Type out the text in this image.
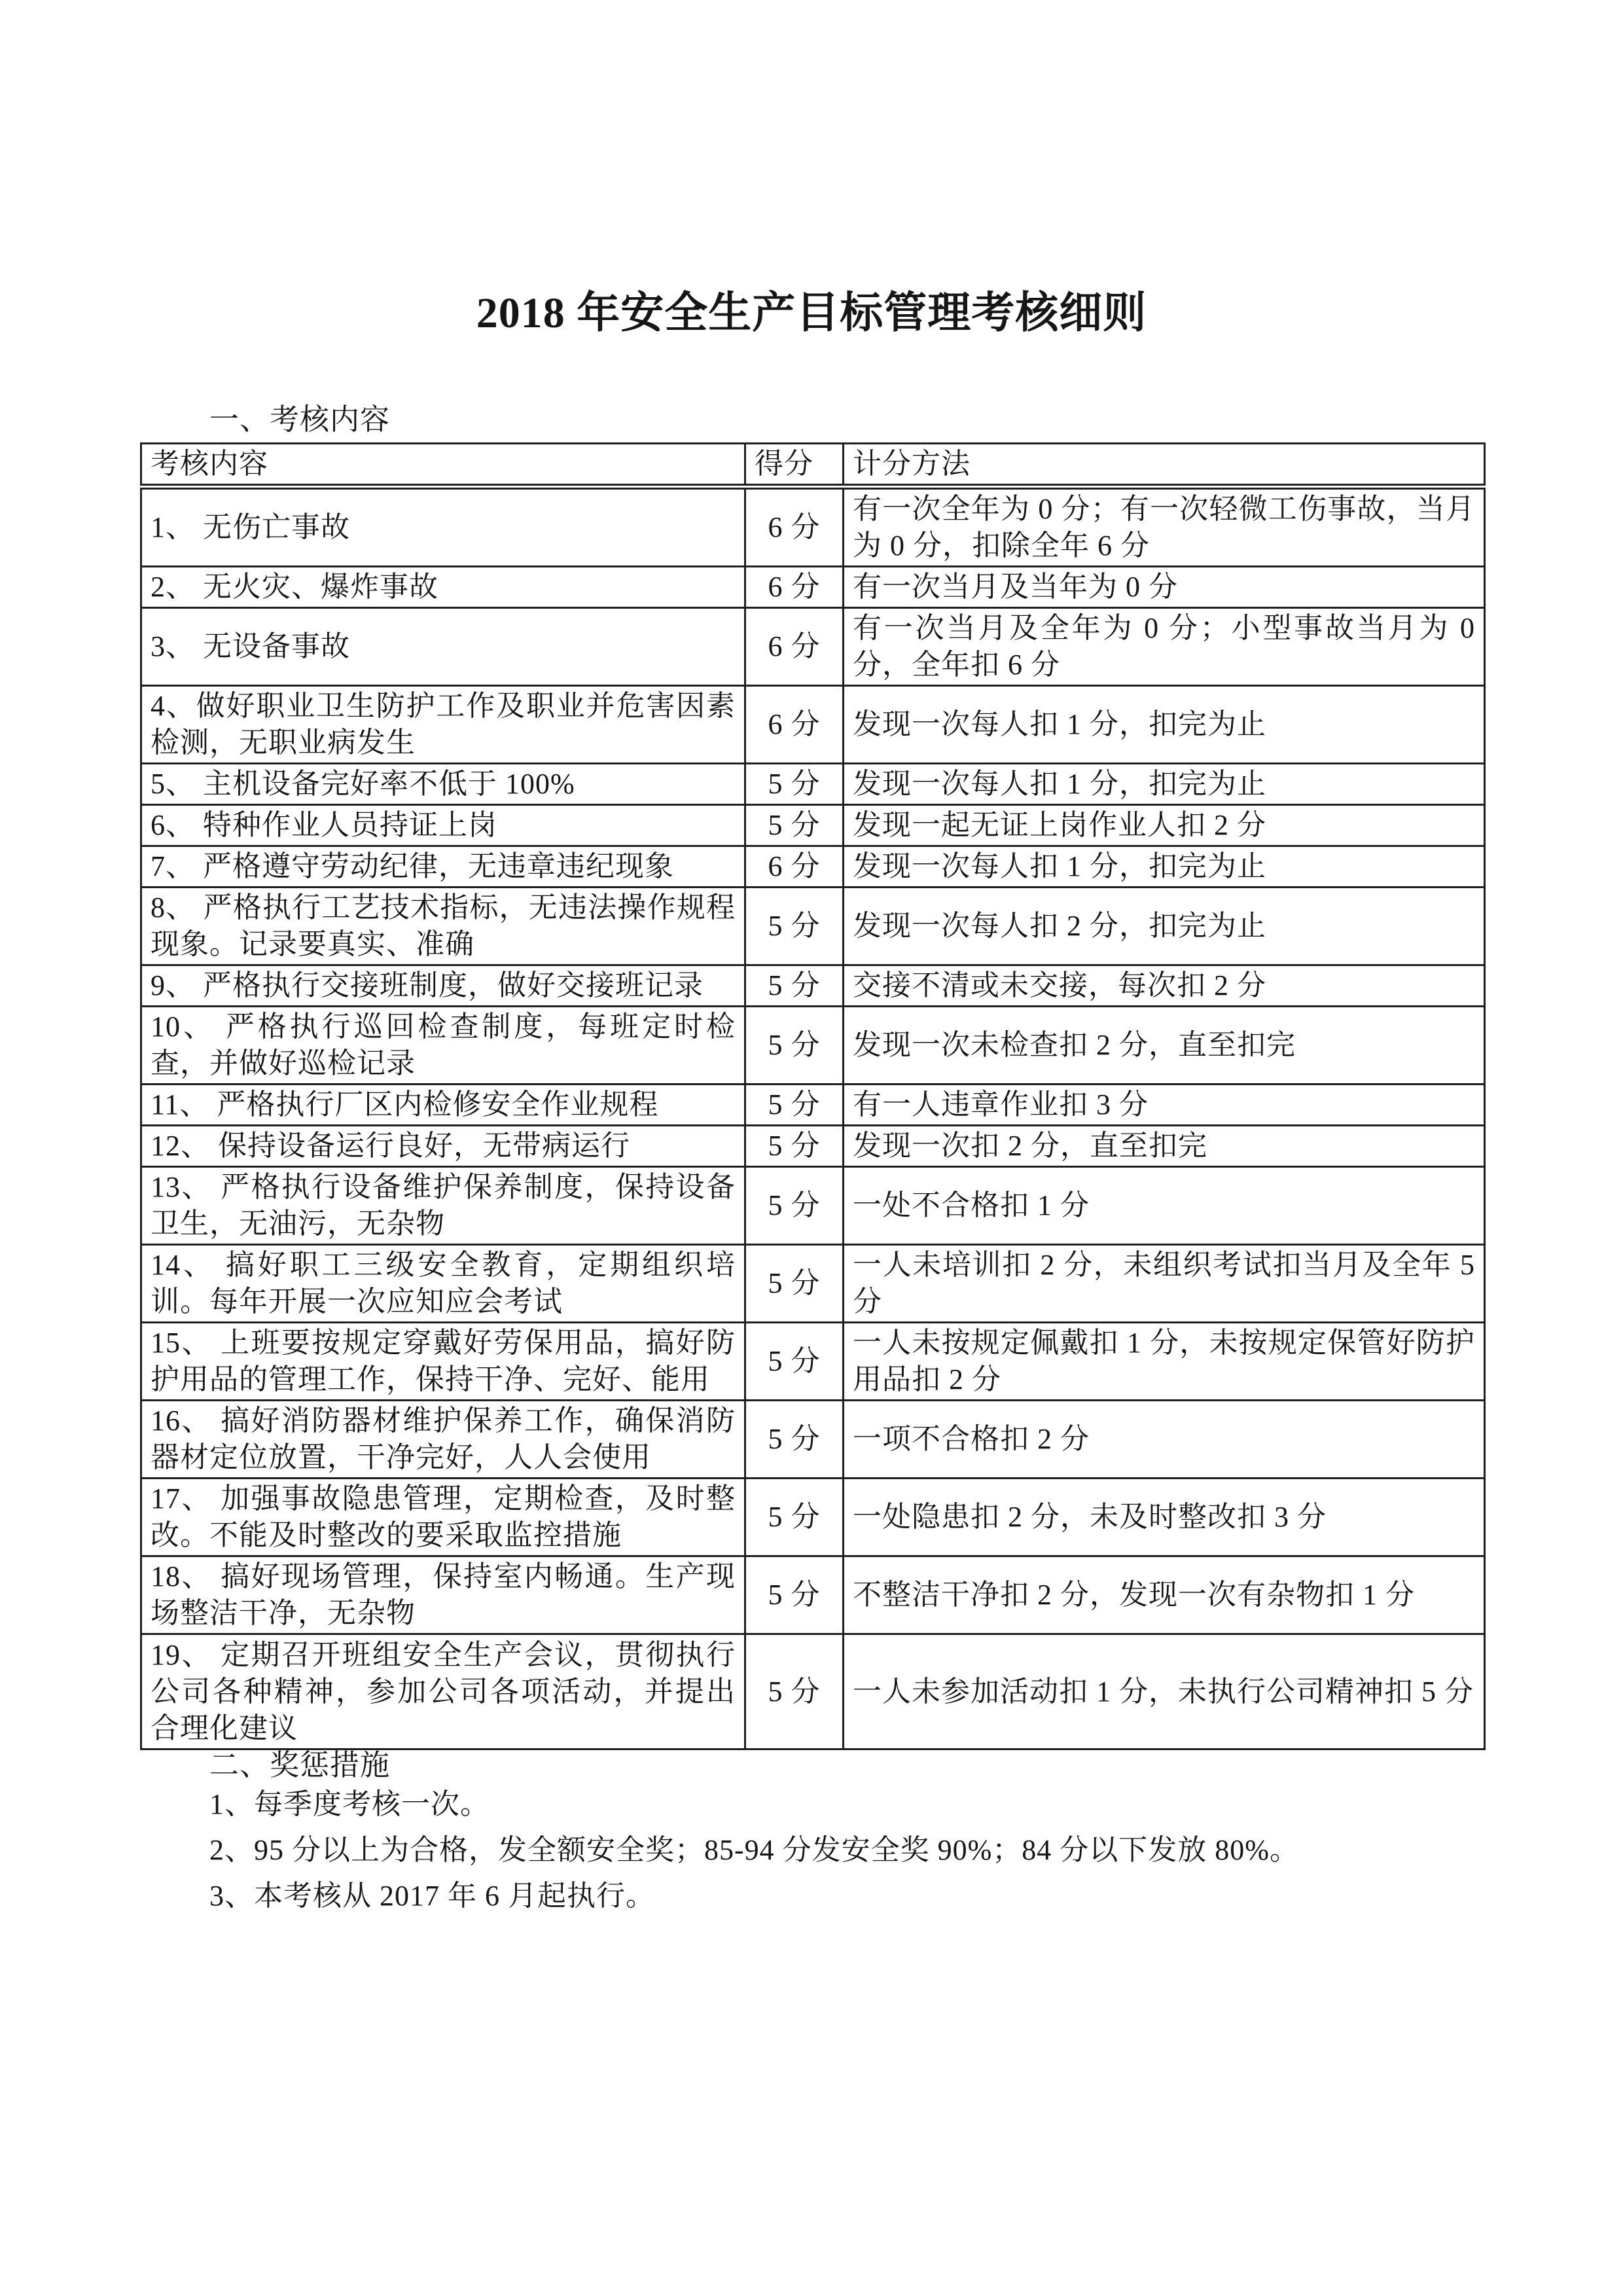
2018 年安全生产目标管理考核细则
一、考核内容
考核内容	得分	计分方法
1、 无伤亡事故	6 分	有一次全年为 0 分；有一次轻微工伤事故，当月为 0 分，扣除全年 6 分
2、 无火灾、爆炸事故	6 分	有一次当月及当年为 0 分
3、 无设备事故	6 分	有一次当月及全年为 0 分；小型事故当月为 0 分，全年扣 6 分
4、做好职业卫生防护工作及职业并危害因素检测，无职业病发生	6 分	发现一次每人扣 1 分，扣完为止
5、 主机设备完好率不低于 100%	5 分	发现一次每人扣 1 分，扣完为止
6、 特种作业人员持证上岗	5 分	发现一起无证上岗作业人扣 2 分
7、 严格遵守劳动纪律，无违章违纪现象	6 分	发现一次每人扣 1 分，扣完为止
8、 严格执行工艺技术指标，无违法操作规程现象。记录要真实、准确	5 分	发现一次每人扣 2 分，扣完为止
9、 严格执行交接班制度，做好交接班记录	5 分	交接不清或未交接，每次扣 2 分
10、 严格执行巡回检查制度，每班定时检查，并做好巡检记录	5 分	发现一次未检查扣 2 分，直至扣完
11、 严格执行厂区内检修安全作业规程	5 分	有一人违章作业扣 3 分
12、 保持设备运行良好，无带病运行	5 分	发现一次扣 2 分，直至扣完
13、 严格执行设备维护保养制度，保持设备卫生，无油污，无杂物	5 分	一处不合格扣 1 分
14、 搞好职工三级安全教育，定期组织培训。每年开展一次应知应会考试	5 分	一人未培训扣 2 分，未组织考试扣当月及全年 5 分
15、 上班要按规定穿戴好劳保用品，搞好防护用品的管理工作，保持干净、完好、能用	5 分	一人未按规定佩戴扣 1 分，未按规定保管好防护用品扣 2 分
16、 搞好消防器材维护保养工作，确保消防器材定位放置，干净完好，人人会使用	5 分	一项不合格扣 2 分
17、 加强事故隐患管理，定期检查，及时整改。不能及时整改的要采取监控措施	5 分	一处隐患扣 2 分，未及时整改扣 3 分
18、 搞好现场管理，保持室内畅通。生产现场整洁干净，无杂物	5 分	不整洁干净扣 2 分，发现一次有杂物扣 1 分
19、 定期召开班组安全生产会议，贯彻执行公司各种精神，参加公司各项活动，并提出合理化建议	5 分	一人未参加活动扣 1 分，未执行公司精神扣 5 分
二、奖惩措施
1、每季度考核一次。
2、95 分以上为合格，发全额安全奖；85-94 分发安全奖 90%；84 分以下发放 80%。
3、本考核从 2017 年 6 月起执行。
